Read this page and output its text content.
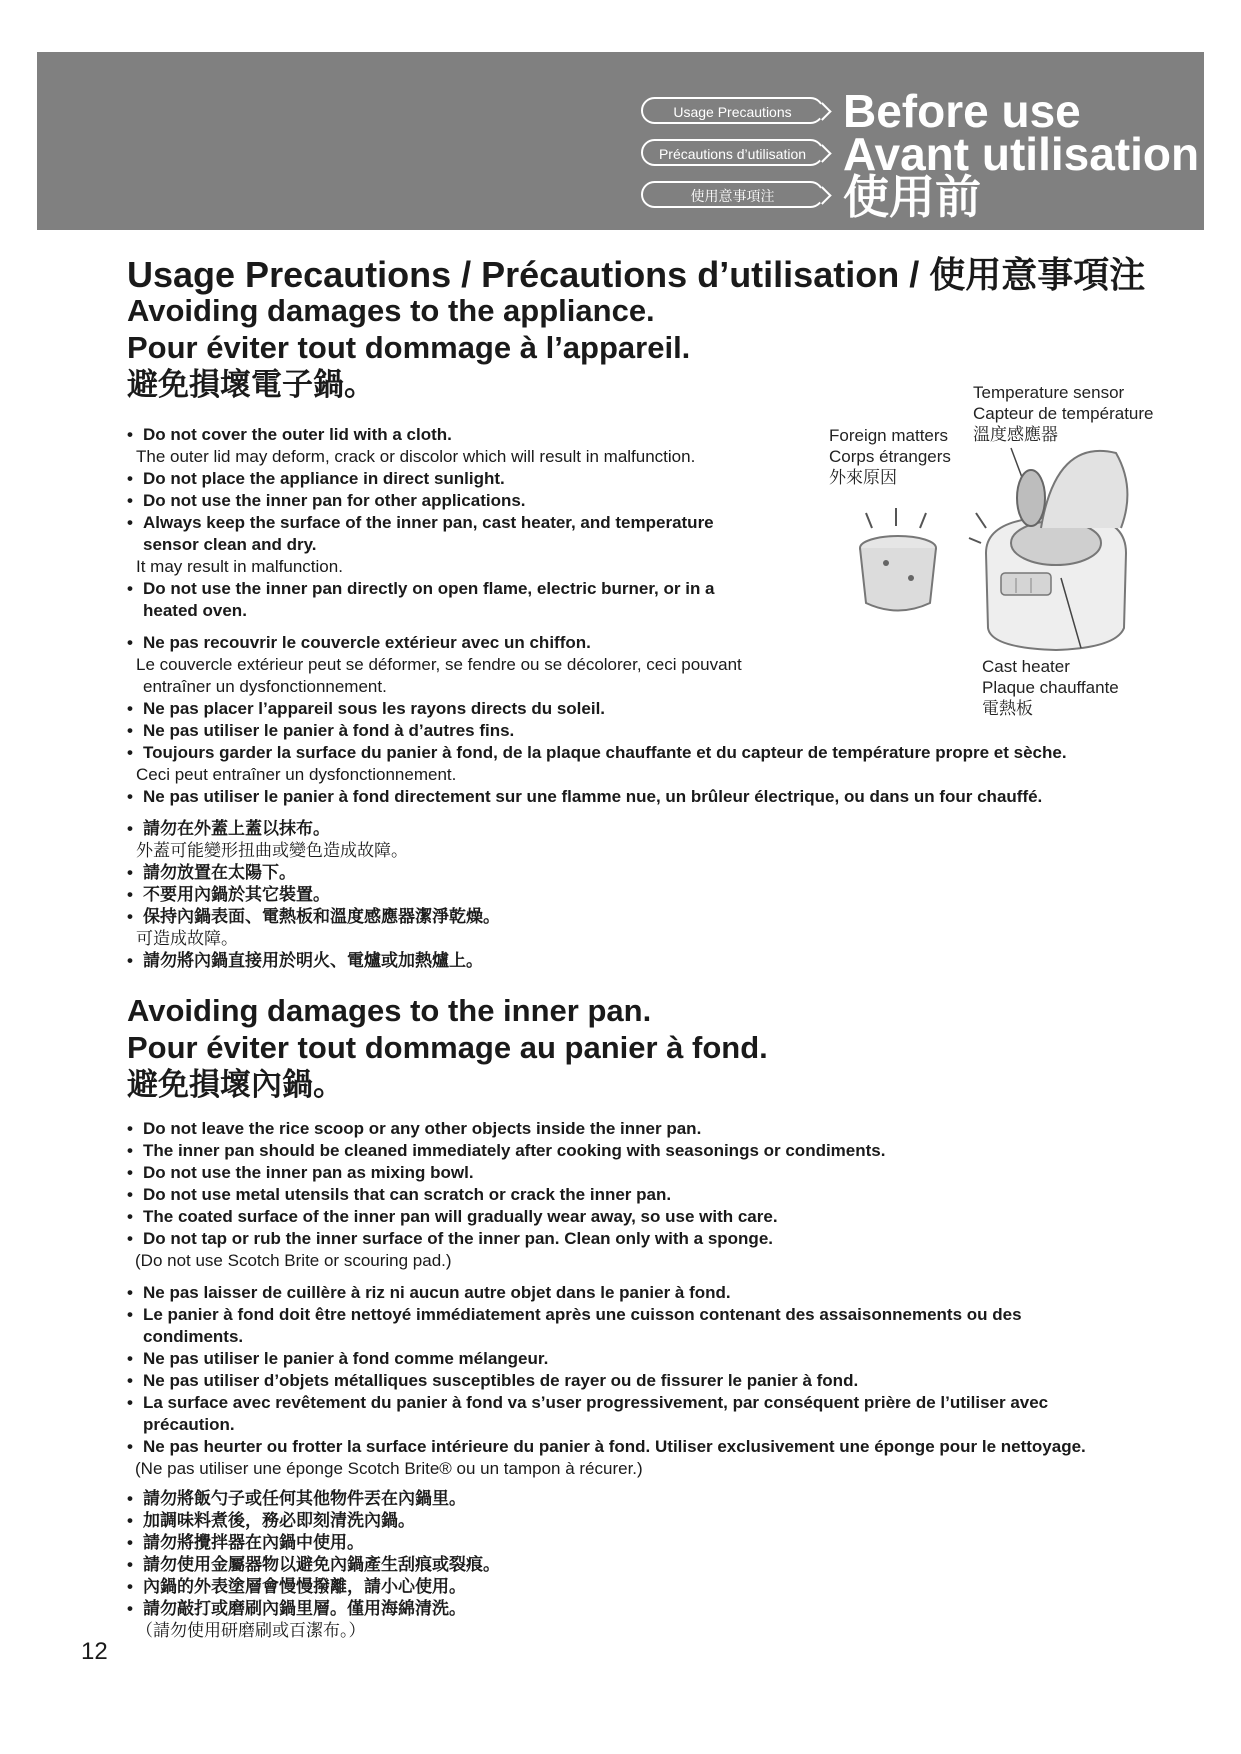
Usage Precautions
Précautions d’utilisation
使用意事項注
Before use
Avant utilisation
使用前
Usage Precautions / Précautions d’utilisation / 使用意事項注
Avoiding damages to the appliance.
Pour éviter tout dommage à l’appareil.
避免損壞電子鍋。
• Do not cover the outer lid with a cloth.
The outer lid may deform, crack or discolor which will result in malfunction.
• Do not place the appliance in direct sunlight.
• Do not use the inner pan for other applications.
• Always keep the surface of the inner pan, cast heater, and temperature
sensor clean and dry.
It may result in malfunction.
• Do not use the inner pan directly on open flame, electric burner, or in a
heated oven.
• Ne pas recouvrir le couvercle extérieur avec un chiffon.
Le couvercle extérieur peut se déformer, se fendre ou se décolorer, ceci pouvant
entraîner un dysfonctionnement.
• Ne pas placer l’appareil sous les rayons directs du soleil.
• Ne pas utiliser le panier à fond à d’autres fins.
• Toujours garder la surface du panier à fond, de la plaque chauffante et du capteur de température propre et sèche.
Ceci peut entraîner un dysfonctionnement.
• Ne pas utiliser le panier à fond directement sur une flamme nue, un brûleur électrique, ou dans un four chauffé.
• 請勿在外蓋上蓋以抹布。
外蓋可能變形扭曲或變色造成故障。
• 請勿放置在太陽下。
• 不要用內鍋於其它裝置。
• 保持內鍋表面、電熱板和溫度感應器潔淨乾燥。
可造成故障。
• 請勿將內鍋直接用於明火、電爐或加熱爐上。
Temperature sensor
Capteur de température
溫度感應器
Foreign matters
Corps étrangers
外來原因
Cast heater
Plaque chauffante
電熱板
Avoiding damages to the inner pan.
Pour éviter tout dommage au panier à fond.
避免損壞內鍋。
• Do not leave the rice scoop or any other objects inside the inner pan.
• The inner pan should be cleaned immediately after cooking with seasonings or condiments.
• Do not use the inner pan as mixing bowl.
• Do not use metal utensils that can scratch or crack the inner pan.
• The coated surface of the inner pan will gradually wear away, so use with care.
• Do not tap or rub the inner surface of the inner pan. Clean only with a sponge.
(Do not use Scotch Brite or scouring pad.)
• Ne pas laisser de cuillère à riz ni aucun autre objet dans le panier à fond.
• Le panier à fond doit être nettoyé immédiatement après une cuisson contenant des assaisonnements ou des
condiments.
• Ne pas utiliser le panier à fond comme mélangeur.
• Ne pas utiliser d’objets métalliques susceptibles de rayer ou de fissurer le panier à fond.
• La surface avec revêtement du panier à fond va s’user progressivement, par conséquent prière de l’utiliser avec
précaution.
• Ne pas heurter ou frotter la surface intérieure du panier à fond. Utiliser exclusivement une éponge pour le nettoyage.
(Ne pas utiliser une éponge Scotch Brite® ou un tampon à récurer.)
• 請勿將飯勺子或任何其他物件丟在內鍋里。
• 加調味料煮後，務必即刻清洗內鍋。
• 請勿將攪拌器在內鍋中使用。
• 請勿使用金屬器物以避免內鍋產生刮痕或裂痕。
• 內鍋的外表塗層會慢慢撥離，請小心使用。
• 請勿敲打或磨刷內鍋里層。僅用海綿清洗。
（請勿使用研磨刷或百潔布。）
12
